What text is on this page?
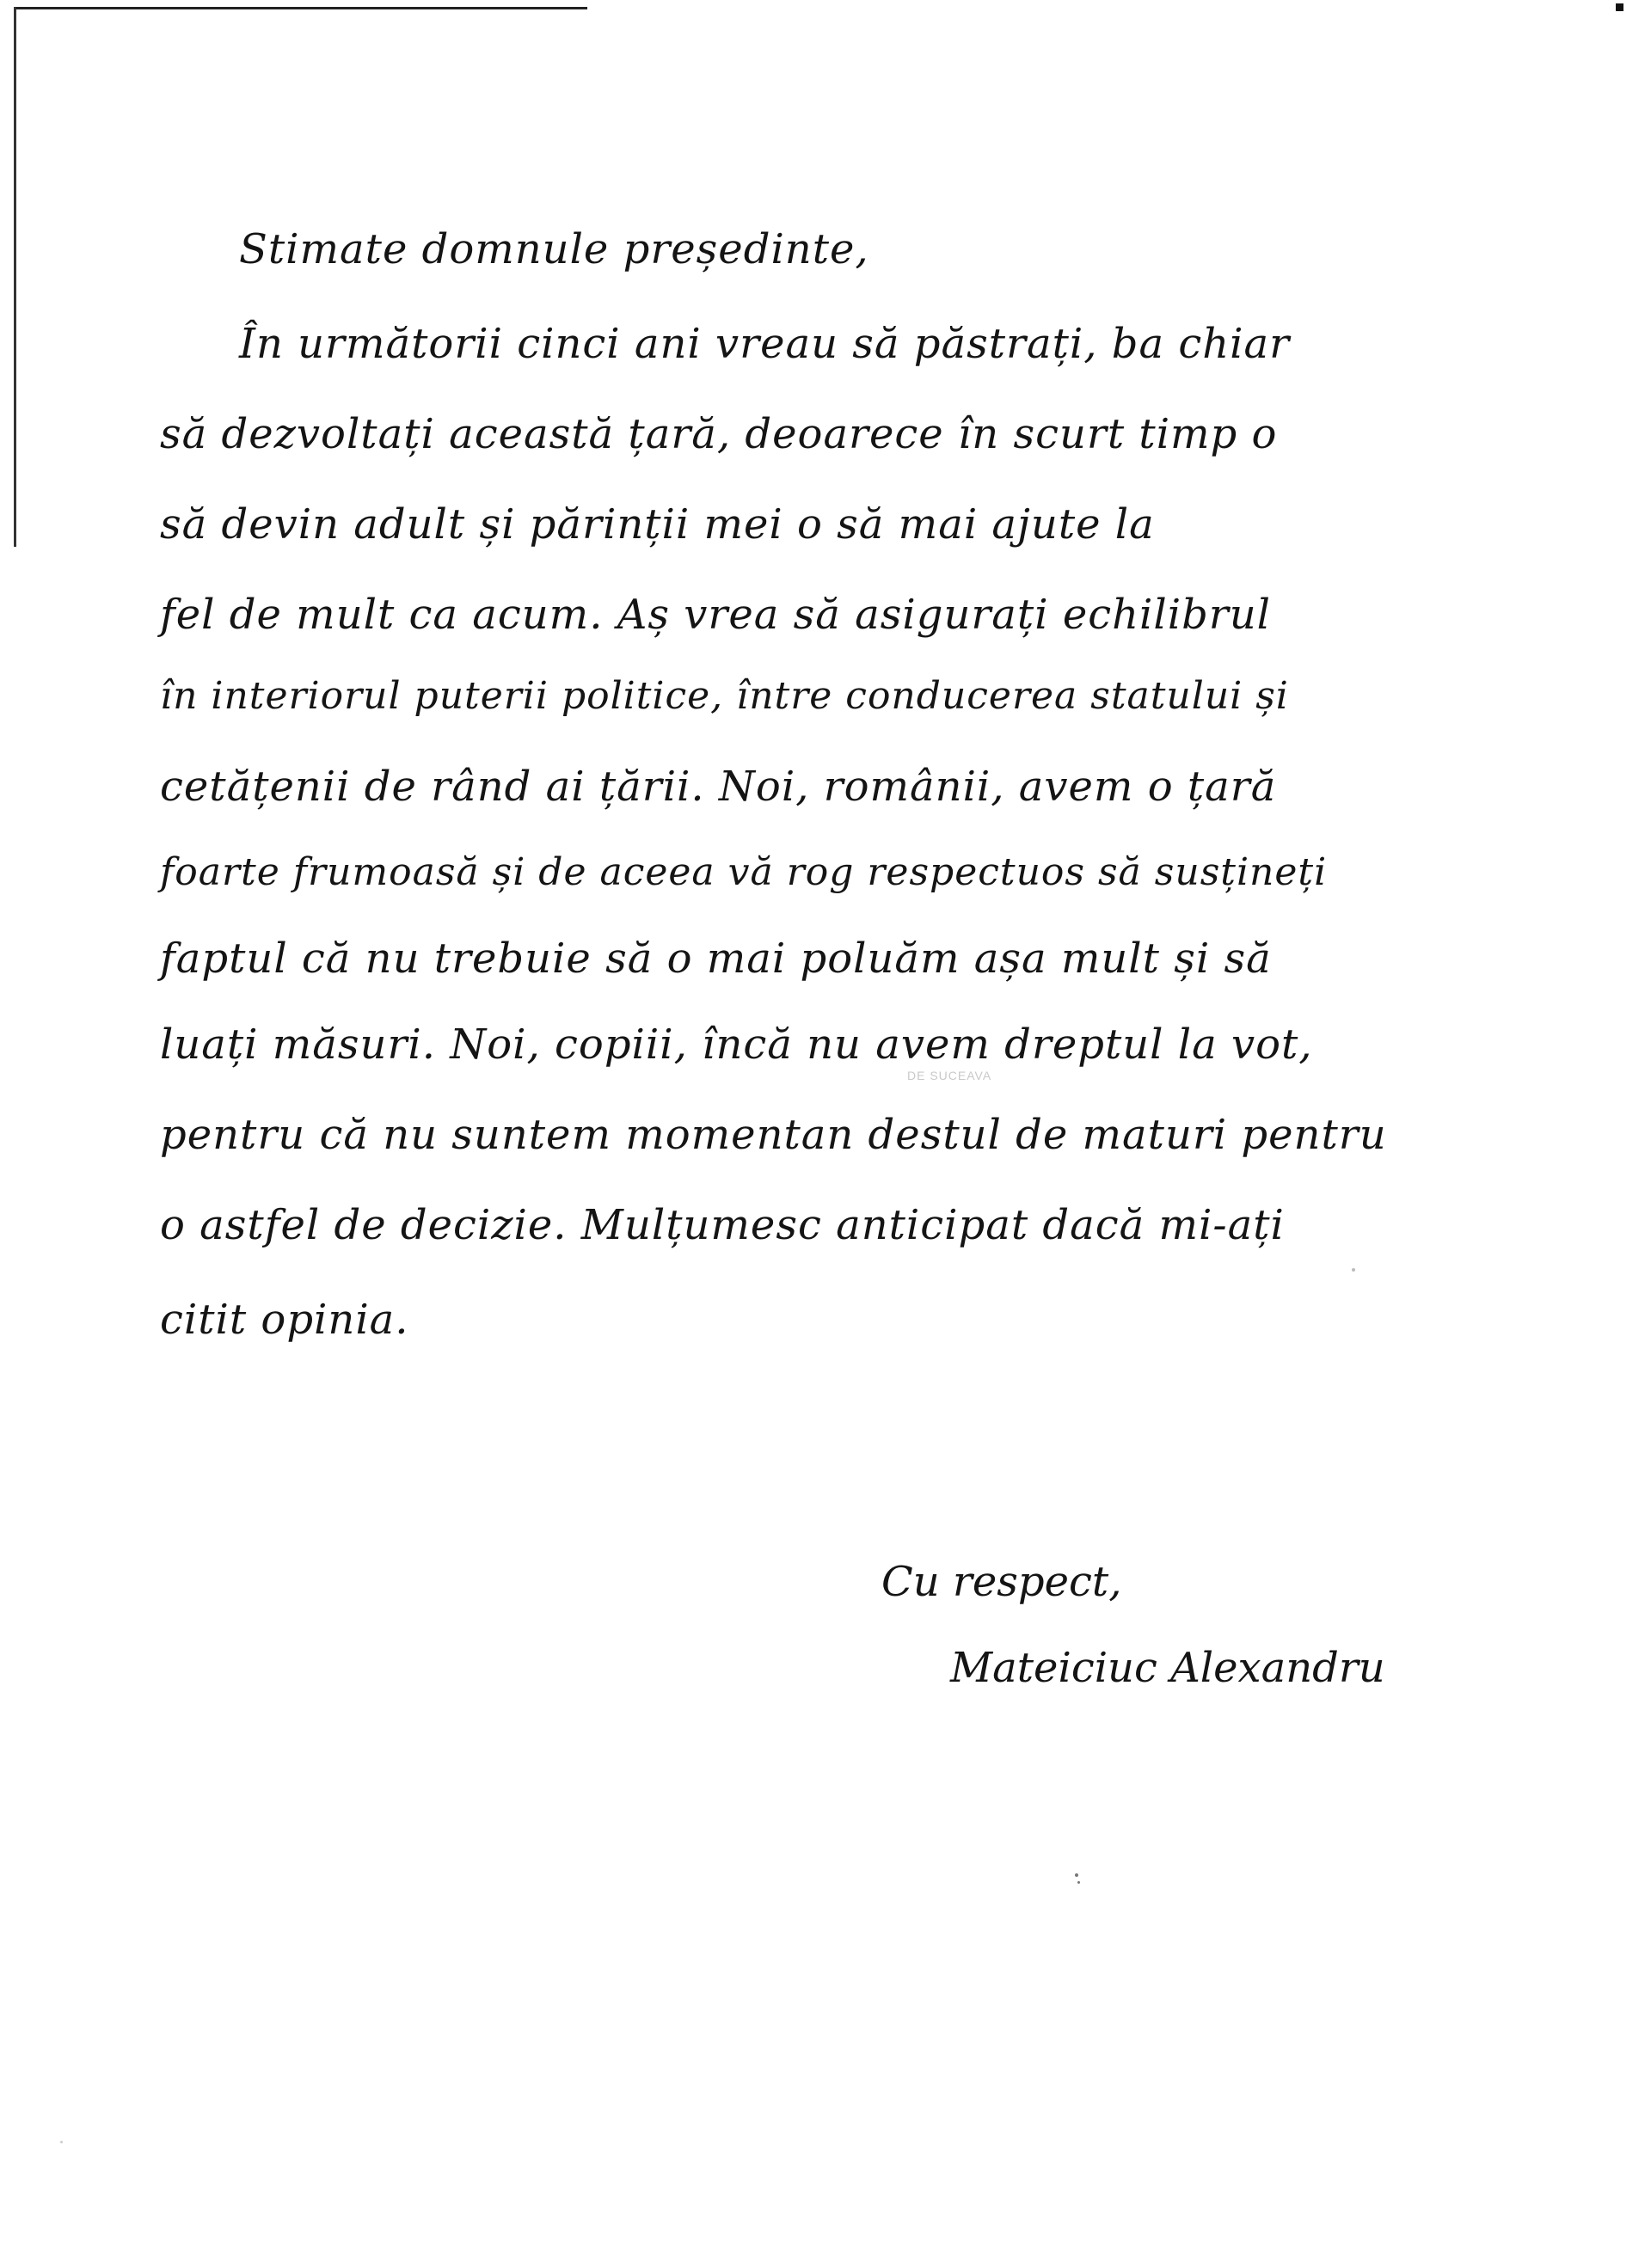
Stimate domnule președinte,
În următorii cinci ani vreau să păstrați, ba chiar
să dezvoltați această țară, deoarece în scurt timp o
să devin adult și părinții mei o să mai ajute la
fel de mult ca acum. Aș vrea să asigurați echilibrul
în interiorul puterii politice, între conducerea statului și
cetățenii de rând ai țării. Noi, românii, avem o țară
foarte frumoasă și de aceea vă rog respectuos să susțineți
faptul că nu trebuie să o mai poluăm așa mult și să
luați măsuri. Noi, copiii, încă nu avem dreptul la vot,
pentru că nu suntem momentan destul de maturi pentru
o astfel de decizie. Mulțumesc anticipat dacă mi-ați
citit opinia.
DE SUCEAVA
Cu respect,
Mateiciuc Alexandru
